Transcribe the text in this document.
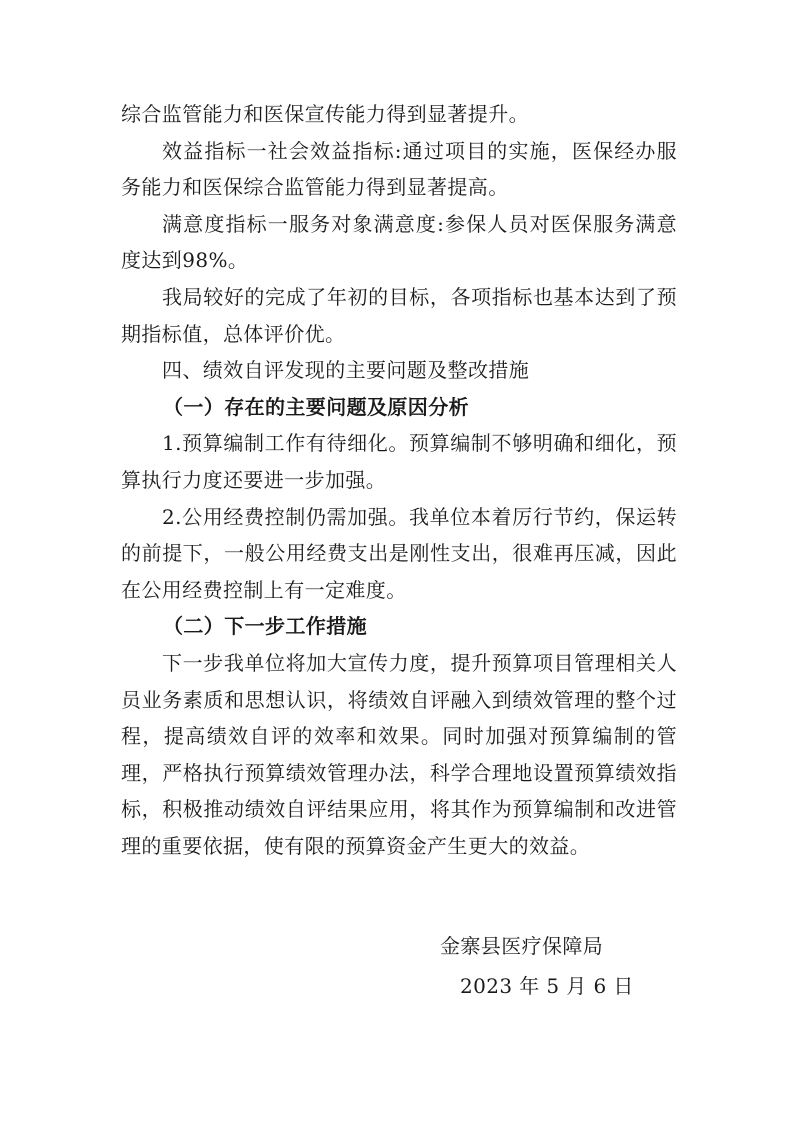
综合监管能力和医保宣传能力得到显著提升。

效益指标一社会效益指标:通过项目的实施，医保经办服务能力和医保综合监管能力得到显著提高。

满意度指标一服务对象满意度:参保人员对医保服务满意度达到98%。

我局较好的完成了年初的目标，各项指标也基本达到了预期指标值，总体评价优。

四、绩效自评发现的主要问题及整改措施
（一）存在的主要问题及原因分析

1.预算编制工作有待细化。预算编制不够明确和细化，预算执行力度还要进一步加强。

2.公用经费控制仍需加强。我单位本着厉行节约，保运转的前提下，一般公用经费支出是刚性支出，很难再压减，因此在公用经费控制上有一定难度。

（二）下一步工作措施

下一步我单位将加大宣传力度，提升预算项目管理相关人员业务素质和思想认识，将绩效自评融入到绩效管理的整个过程，提高绩效自评的效率和效果。同时加强对预算编制的管理，严格执行预算绩效管理办法，科学合理地设置预算绩效指标，积极推动绩效自评结果应用，将其作为预算编制和改进管理的重要依据，使有限的预算资金产生更大的效益。

金寨县医疗保障局

2023 年 5 月 6 日
